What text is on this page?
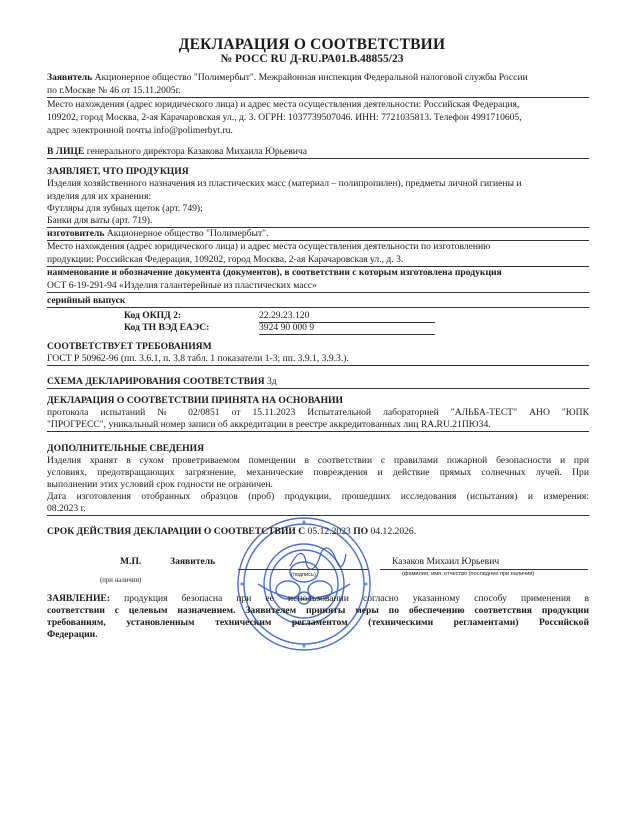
ДЕКЛАРАЦИЯ О СООТВЕТСТВИИ
№ РОСС RU Д-RU.РА01.В.48855/23
Заявитель Акционерное общество "Полимербыт". Межрайонная инспекция Федеральной налоговой службы России
по г.Москве № 46 от 15.11.2005г.
Место нахождения (адрес юридического лица) и адрес места осуществления деятельности: Российская Федерация,
109202, город Москва, 2-ая Карачаровская ул., д. 3. ОГРН: 1037739507046. ИНН: 7721035813. Телефон 4991710605,
адрес электронной почты info@polimerbyt.ru.
В ЛИЦЕ генерального директора Казакова Михаила Юрьевича
ЗАЯВЛЯЕТ, ЧТО ПРОДУКЦИЯ
Изделия хозяйственного назначения из пластических масс (материал – полипропилен), предметы личной гигиены и
изделия для их хранения:
Футляры для зубных щеток (арт. 749);
Банки для ваты (арт. 719).
изготовитель Акционерное общество "Полимербыт".
Место нахождения (адрес юридического лица) и адрес места осуществления деятельности по изготовлению
продукции: Российская Федерация, 109202, город Москва, 2-ая Карачаровская ул., д. 3.
наименование и обозначение документа (документов), в соответствии с которым изготовлена продукция
ОСТ 6-19-291-94 «Изделия галантерейные из пластических масс»
серийный выпуск
Код ОКПД 2:	22.29.23.120
Код ТН ВЭД ЕАЭС:	3924 90 000 9
СООТВЕТСТВУЕТ ТРЕБОВАНИЯМ
ГОСТ Р 50962-96 (пп. 3.6.1, п. 3.8 табл. 1 показатели 1-3; пп. 3.9.1, 3.9.3.).
СХЕМА ДЕКЛАРИРОВАНИЯ СООТВЕТСТВИЯ 3д
ДЕКЛАРАЦИЯ О СООТВЕТСТВИИ ПРИНЯТА НА ОСНОВАНИИ
протокола испытаний № 02/0851 от 15.11.2023 Испытательной лабораторией "АЛЬБА-ТЕСТ" АНО "ЮПК
"ПРОГРЕСС", уникальный номер записи об аккредитации в реестре аккредитованных лиц RA.RU.21ПЮ34.
ДОПОЛНИТЕЛЬНЫЕ СВЕДЕНИЯ
Изделия хранят в сухом проветриваемом помещении в соответствии с правилами пожарной безопасности и при
условиях, предотвращающих загрязнение, механические повреждения и действие прямых солнечных лучей. При
выполнении этих условий срок годности не ограничен.
Дата изготовления отобранных образцов (проб) продукции, прошедших исследования (испытания) и измерения:
08.2023 г.
СРОК ДЕЙСТВИЯ ДЕКЛАРАЦИИ О СООТВЕТСТВИИ С 05.12.2023 ПО 04.12.2026.
М.П.	Заявитель	Казаков Михаил Юрьевич
(фамилия, имя, отчество (последнее при наличии)
(при наличии)
(подпись)
ЗАЯВЛЕНИЕ: продукция безопасна при ее использовании согласно указанному способу применения в
соответствии с целевым назначением. Заявителем приняты меры по обеспечению соответствия продукции
требованиям, установленным техническим регламентом (техническими регламентами) Российской
Федерации.
